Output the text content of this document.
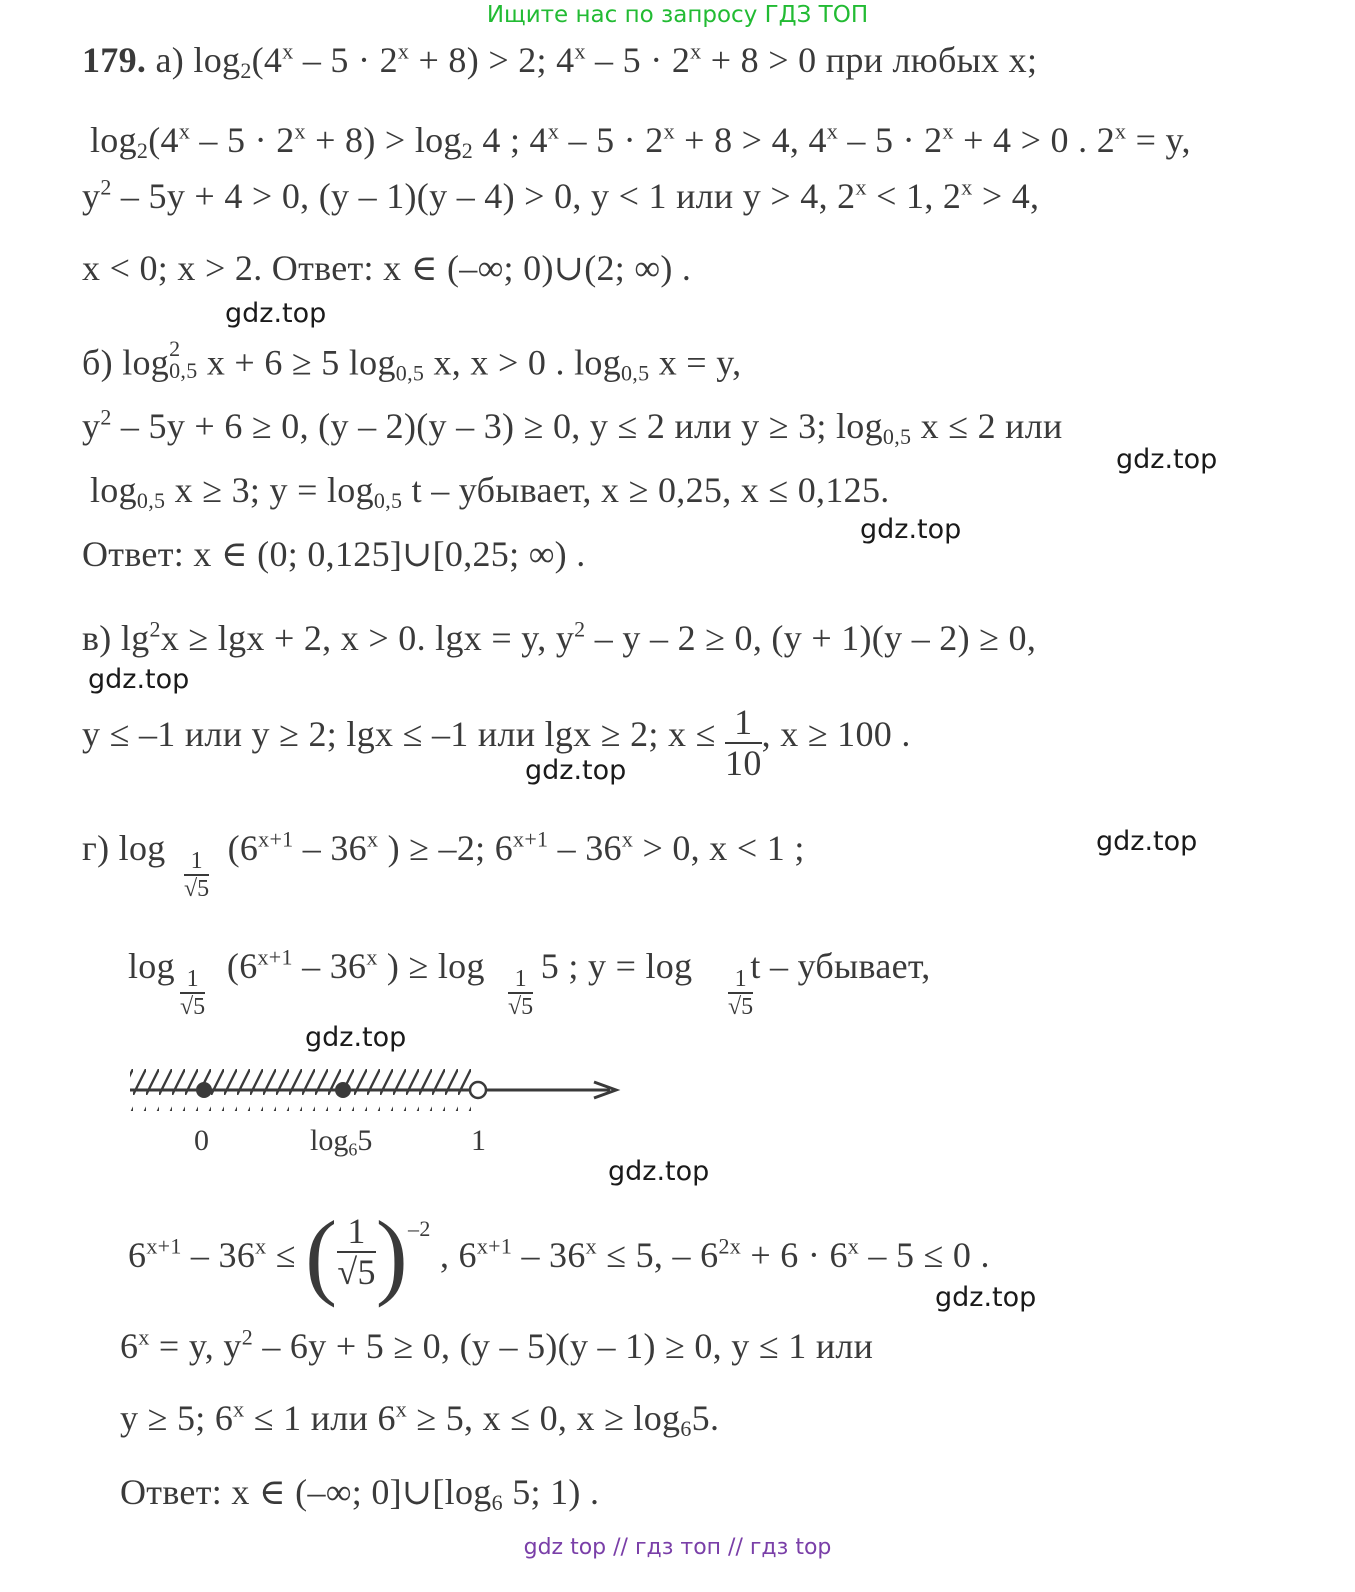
Ищите нас по запросу ГДЗ ТОП
179. а) $\log_2(4^x - 5 \cdot 2^x + 8) > 2$; $4^x - 5 \cdot 2^x + 8 > 0$ при любых x;
$\log_2(4^x - 5 \cdot 2^x + 8) > \log_2 4$ ; $4^x - 5 \cdot 2^x + 8 > 4$, $4^x - 5 \cdot 2^x + 4 > 0$ . $2^x = y$,
$y^2 - 5y + 4 > 0$, (y – 1)(y – 4) > 0, y < 1 или y > 4, $2^x < 1$, $2^x > 4$,
x < 0; x > 2. Ответ: x ∈ (–∞; 0)∪(2; ∞) .
gdz.top
б) log 2
0,5 x + 6 ≥ 5 $\log_{0,5} x$, x > 0 . $\log_{0,5} x = y$,
$y^2 - 5y + 6 \ge 0$, (y – 2)(y – 3) ≥ 0, y ≤ 2 или y ≥ 3; $\log_{0,5} x \le 2$ или
gdz.top
$\log_{0,5} x \ge 3$; $y = \log_{0,5} t$ – убывает, x ≥ 0,25, x ≤ 0,125.
gdz.top
Ответ: x ∈ (0; 0,125]∪[0,25; ∞) .
в) $\lg^2x \ge \lg x + 2$, x > 0. lgx = y, $y^2 - y - 2 \ge 0$, (y + 1)(y – 2) ≥ 0,
gdz.top
y ≤ –1 или y ≥ 2; lgx ≤ –1 или lgx ≥ 2; $x \le \frac{1}{10}$ , x ≥ 100 .
gdz.top
г) $\log (6^{x+1} - 36^x$ ) ≥ –2; $6^{x+1} - 36^x > 0$, x < 1 ;
1
√5
gdz.top
$\log (6^{x+1} - 36^x$ ) ≥ log 5 ; y = log t – убывает,
1
√5
1
√5
1
√5
gdz.top
0	$\log_65$	1
gdz.top
$6^{x+1} - 36^x$ ≤ ( $\frac{1}{√5} )^{-2}$ , $6^{x+1} - 36^x \le 5$, – $6^{2x} + 6 \cdot 6^x - 5 \le 0$ .
gdz.top
$6^x = y$, $y^2 - 6y + 5 \ge 0$, (y – 5)(y – 1) ≥ 0, y ≤ 1 или
y ≥ 5; $6^x \le 1$ или $6^x \ge 5$, x ≤ 0, $x \ge \log_65$.
Ответ: x ∈ (–∞; $0]\cup[\log_6$ 5; 1) .
gdz top // гдз топ // гдз top
